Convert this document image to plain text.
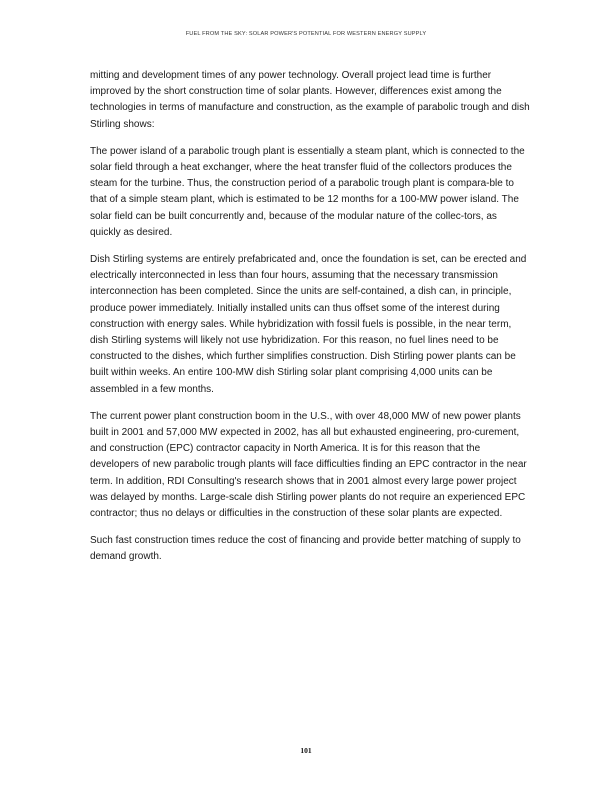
FUEL FROM THE SKY: SOLAR POWER'S POTENTIAL FOR WESTERN ENERGY SUPPLY

mitting and development times of any power technology. Overall project lead time is further improved by the short construction time of solar plants. However, differences exist among the technologies in terms of manufacture and construction, as the example of parabolic trough and dish Stirling shows:

The power island of a parabolic trough plant is essentially a steam plant, which is connected to the solar field through a heat exchanger, where the heat transfer fluid of the collectors produces the steam for the turbine. Thus, the construction period of a parabolic trough plant is compara-ble to that of a simple steam plant, which is estimated to be 12 months for a 100-MW power island. The solar field can be built concurrently and, because of the modular nature of the collec-tors, as quickly as desired.

Dish Stirling systems are entirely prefabricated and, once the foundation is set, can be erected and electrically interconnected in less than four hours, assuming that the necessary transmission interconnection has been completed. Since the units are self-contained, a dish can, in principle, produce power immediately. Initially installed units can thus offset some of the interest during construction with energy sales. While hybridization with fossil fuels is possible, in the near term, dish Stirling systems will likely not use hybridization. For this reason, no fuel lines need to be constructed to the dishes, which further simplifies construction. Dish Stirling power plants can be built within weeks. An entire 100-MW dish Stirling solar plant comprising 4,000 units can be assembled in a few months.

The current power plant construction boom in the U.S., with over 48,000 MW of new power plants built in 2001 and 57,000 MW expected in 2002, has all but exhausted engineering, pro-curement, and construction (EPC) contractor capacity in North America. It is for this reason that the developers of new parabolic trough plants will face difficulties finding an EPC contractor in the near term. In addition, RDI Consulting's research shows that in 2001 almost every large power project was delayed by months. Large-scale dish Stirling power plants do not require an experienced EPC contractor; thus no delays or difficulties in the construction of these solar plants are expected.

Such fast construction times reduce the cost of financing and provide better matching of supply to demand growth.

101
